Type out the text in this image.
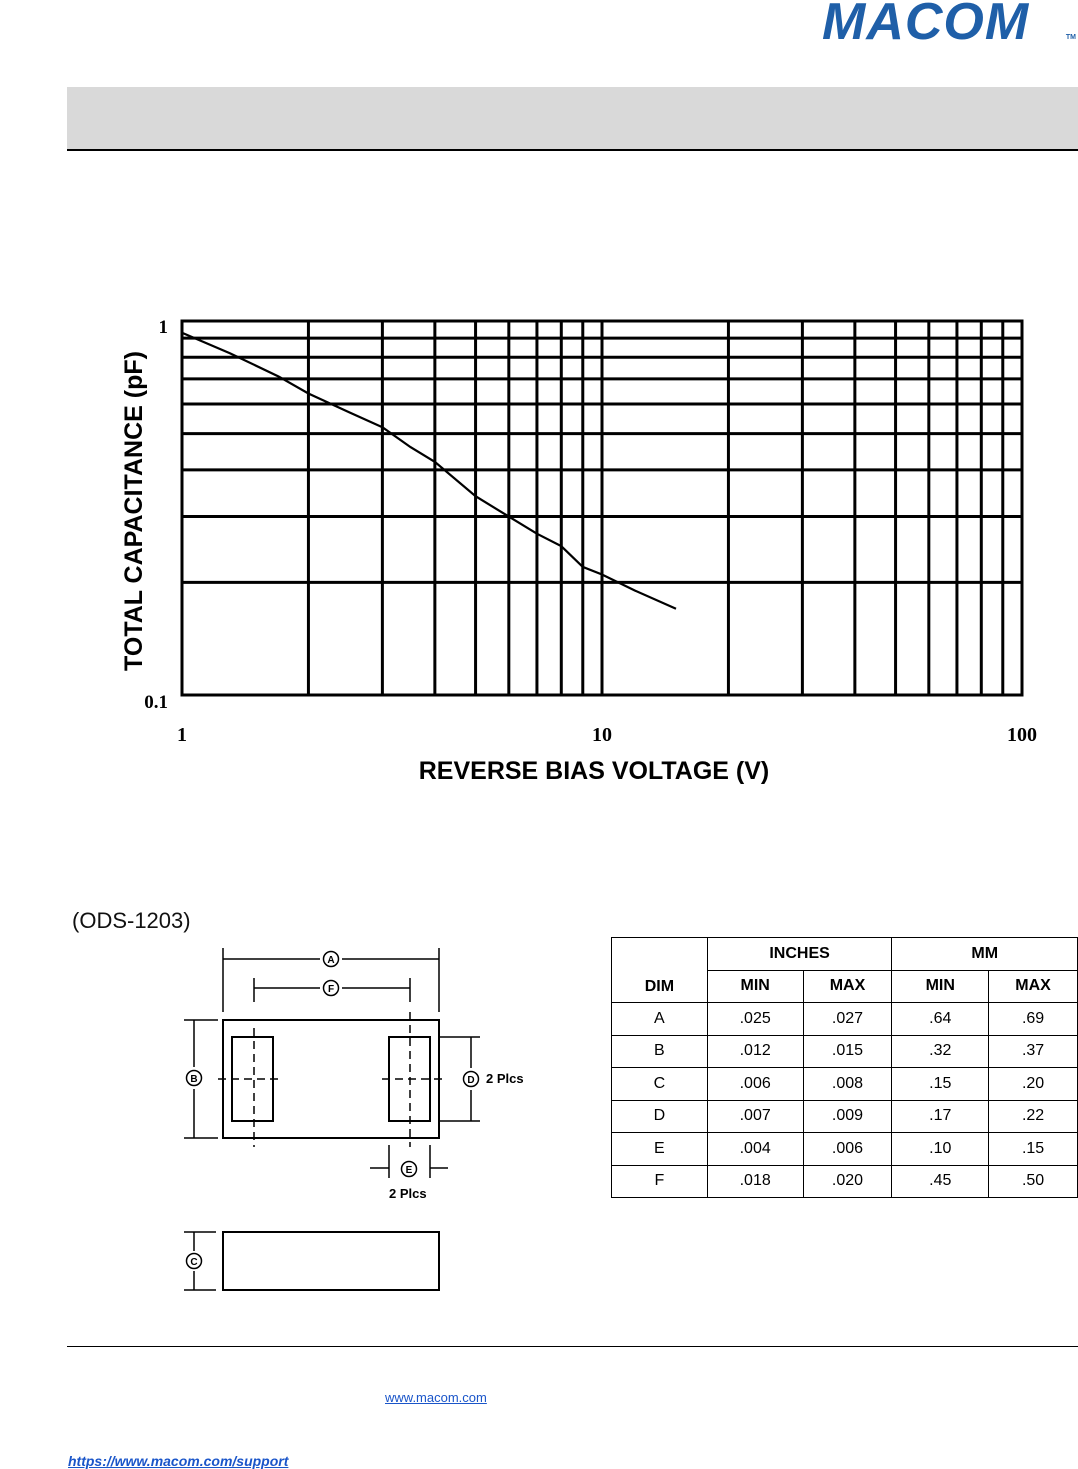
MACOM	TM
1
0.1
1	10	100
REVERSE BIAS VOLTAGE (V)
TOTAL CAPACITANCE (pF)
(ODS-1203)
A
F
B	D
E
C
2 Plcs
2 Plcs
DIM	INCHES		MM	
	MIN	MAX	MIN	MAX
A	.025	.027	.64	.69
B	.012	.015	.32	.37
C	.006	.008	.15	.20
D	.007	.009	.17	.22
E	.004	.006	.10	.15
F	.018	.020	.45	.50
www.macom.com
https://www.macom.com/support
